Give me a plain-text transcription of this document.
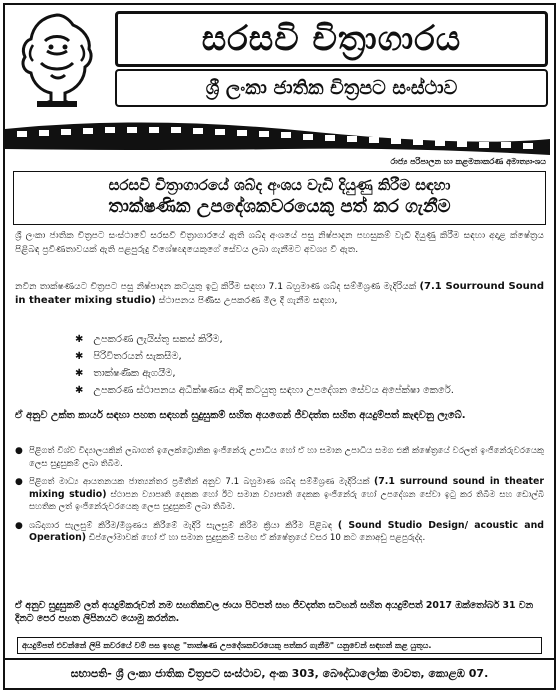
සරසවි චිත්‍රාගාරය
ශ්‍රී ලංකා ජාතික චිත්‍රපට සංස්ථාව
රාජ්‍ය පරිපාලන හා කළමනාකරණ අමාත්‍යාංශය
සරසවි චිත්‍රාගාරයේ ශබ්ද අංශය වැඩි දියුණු කිරීම සඳහා
තාක්ෂණික උපදේශකවරයෙකු පත් කර ගැනීම
ශ්‍රී ලංකා ජාතික චිත්‍රපට සංස්ථාවේ සරසවි චිත්‍රාගාරයේ ඇති ශබ්ද අංශයේ පසු නිෂ්පාදන පහසුකම් වැඩි දියුණු කිරීම සඳහා අදාළ ක්ෂේත්‍රය පිළිබඳ ප්‍රවීණතාවයක් ඇති පළපුරුදු විශේෂඥයෙකුගේ සේවය ලබා ගැනීමට අවශ්‍ය වී ඇත.
නවීන තාක්ෂණයට චිත්‍රපට පසු නිෂ්පාදන කටයුතු ඉටු කිරීම සඳහා 7.1 බහුමාණ ශබ්ද සම්මිශ්‍රණ මැදිරියක් (7.1 Sourround Sound in theater mixing studio) ස්ථාපනය පිණිස උපකරණ මිල දී ගැනීම සඳහා,
✱ උපකරණ ලැයිස්තු සකස් කිරීම,
✱ පිරිවිතරයන් සැකසීම,
✱ තාක්ෂණික ඇගයීම,
✱ උපකරණ ස්ථාපනය අධීක්ෂණය ආදී කටයුතු සඳහා උපදේශන සේවය අපේක්ෂා කෙරේ.
ඒ අනුව උක්ත කාර්ය සඳහා පහත සඳහන් සුදුසුකම් සහිත අයගෙන් ජීවදත්ත සහිත අයදුම්පත් කැඳවනු ලැබේ.
● පිළිගත් විශ්ව විද්‍යාලයකින් ලබාගත් ඉලෙක්ට්‍රොනික ඉංජිනේරු උපාධිය හෝ ඒ හා සමාන උපාධිය සමග එකී ක්ෂේත්‍රයේ වරලත් ඉංජිනේරුවරයෙකු ලෙස සුදුසුකම් ලබා තිබීම.
● පිළිගත් මාධ්‍ය ආයතනයක ජාත්‍යන්තර ප්‍රමිතීන් අනුව 7.1 බහුමාණ ශබ්ද සම්මිශ්‍රණ මැදිරියක් (7.1 surround sound in theater mixing studio) ස්ථාපන ව්‍යාපෘති දෙකක හෝ ඊට සමාන ව්‍යාපෘති දෙකක ඉංජිනේරු හෝ උපදේශන සේවා ඉටු කර තිබීම සහ ඩොල්බි සහතික ලත් ඉංජිනේරුවරයෙකු ලෙස සුදුසුකම් ලබා තිබීම.
● ශබ්දාගාර සැලසුම් කිරීම/මිශ්‍රණය කිරීමේ මැදිරි සැලසුම් කිරීම ක්‍රියා කිරීම පිළිබඳ ( Sound Studio Design/ acoustic and Operation) ඩිප්ලෝමාවක් හෝ ඒ හා සමාන සුදුසුකම් සමඟ ඒ ක්ෂේත්‍රයේ වසර 10 කට නොඅඩු පළපුරුද්ද.
ඒ අනුව සුදුසුකම් ලත් අයදුම්කරුවන් නම සහතිකවල ඡායා පිටපත් සහ ජීවදත්ත සටහන් සහිත අයදුම්පත් 2017 ඔක්තෝබර් 31 වන දිනට පෙර පහත ලිපිනයට යොමු කරන්න.
අයදුම්පත් එවන්නේ ලිපි කවරයේ වම් පස ඉහළ "තාක්ෂණ උපදේශකවරයෙකු පත්කර ගැනීම" යනුවෙන් සඳහන් කළ යුතුය.
සභාපති- ශ්‍රී ලංකා ජාතික චිත්‍රපට සංස්ථාව, අංක 303, බෞද්ධාලෝක මාවත, කොළඹ 07.
